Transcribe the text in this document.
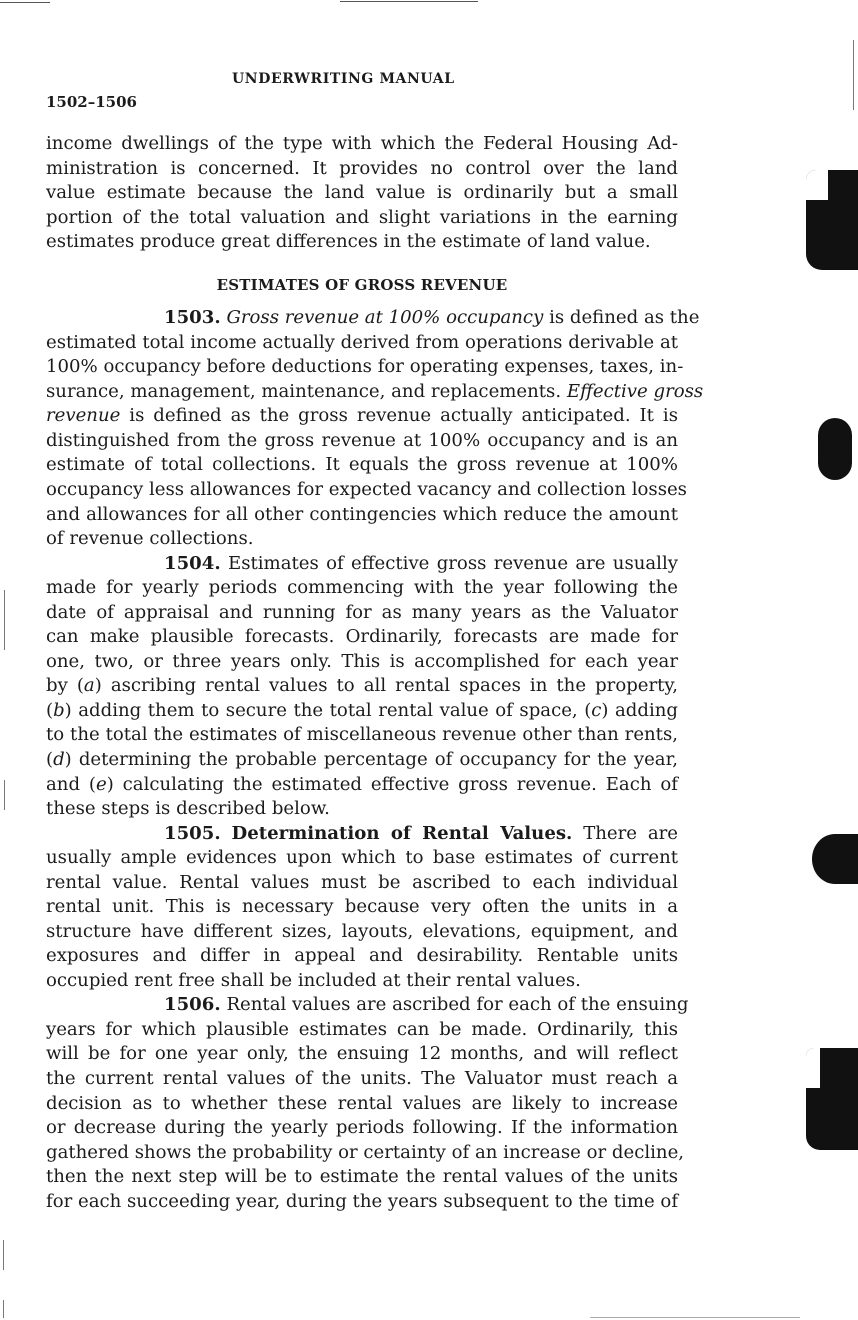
UNDERWRITING MANUAL
1502–1506
income dwellings of the type with which the Federal Housing Ad-
ministration is concerned. It provides no control over the land
value estimate because the land value is ordinarily but a small
portion of the total valuation and slight variations in the earning
estimates produce great differences in the estimate of land value.
ESTIMATES OF GROSS REVENUE
1503. Gross revenue at 100% occupancy is defined as the
estimated total income actually derived from operations derivable at
100% occupancy before deductions for operating expenses, taxes, in-
surance, management, maintenance, and replacements. Effective gross
revenue is defined as the gross revenue actually anticipated. It is
distinguished from the gross revenue at 100% occupancy and is an
estimate of total collections. It equals the gross revenue at 100%
occupancy less allowances for expected vacancy and collection losses
and allowances for all other contingencies which reduce the amount
of revenue collections.
1504. Estimates of effective gross revenue are usually
made for yearly periods commencing with the year following the
date of appraisal and running for as many years as the Valuator
can make plausible forecasts. Ordinarily, forecasts are made for
one, two, or three years only. This is accomplished for each year
by (a) ascribing rental values to all rental spaces in the property,
(b) adding them to secure the total rental value of space, (c) adding
to the total the estimates of miscellaneous revenue other than rents,
(d) determining the probable percentage of occupancy for the year,
and (e) calculating the estimated effective gross revenue. Each of
these steps is described below.
1505. Determination of Rental Values. There are
usually ample evidences upon which to base estimates of current
rental value. Rental values must be ascribed to each individual
rental unit. This is necessary because very often the units in a
structure have different sizes, layouts, elevations, equipment, and
exposures and differ in appeal and desirability. Rentable units
occupied rent free shall be included at their rental values.
1506. Rental values are ascribed for each of the ensuing
years for which plausible estimates can be made. Ordinarily, this
will be for one year only, the ensuing 12 months, and will reflect
the current rental values of the units. The Valuator must reach a
decision as to whether these rental values are likely to increase
or decrease during the yearly periods following. If the information
gathered shows the probability or certainty of an increase or decline,
then the next step will be to estimate the rental values of the units
for each succeeding year, during the years subsequent to the time of
